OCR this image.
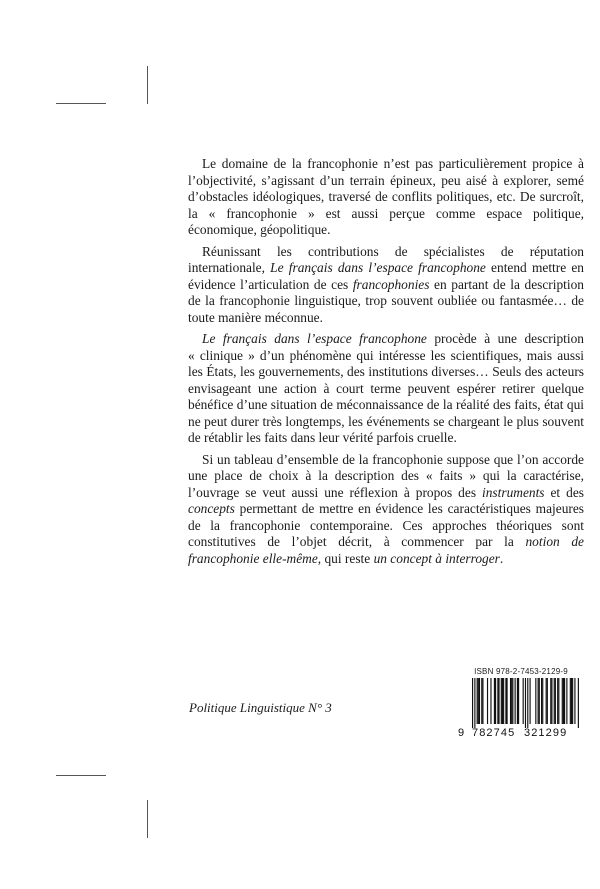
Le domaine de la francophonie n’est pas particulièrement propice à l’objectivité, s’agissant d’un terrain épineux, peu aisé à explorer, semé d’obstacles idéologiques, traversé de conflits politiques, etc. De surcroît, la « francophonie » est aussi perçue comme espace politique, économique, géopolitique.

Réunissant les contributions de spécialistes de réputation internationale, Le français dans l’espace francophone entend mettre en évidence l’articulation de ces francophonies en partant de la description de la francophonie linguistique, trop souvent oubliée ou fantasmée… de toute manière méconnue.

Le français dans l’espace francophone procède à une description « clinique » d’un phénomène qui intéresse les scientifiques, mais aussi les États, les gouvernements, des institutions diverses… Seuls des acteurs envisageant une action à court terme peuvent espérer retirer quelque bénéfice d’une situation de méconnaissance de la réalité des faits, état qui ne peut durer très longtemps, les événements se chargeant le plus souvent de rétablir les faits dans leur vérité parfois cruelle.

Si un tableau d’ensemble de la francophonie suppose que l’on accorde une place de choix à la description des « faits » qui la caractérise, l’ouvrage se veut aussi une réflexion à propos des instruments et des concepts permettant de mettre en évidence les caractéristiques majeures de la francophonie contemporaine. Ces approches théoriques sont constitutives de l’objet décrit, à commencer par la notion de francophonie elle-même, qui reste un concept à interroger.

Politique Linguistique N° 3
ISBN 978-2-7453-2129-9
9 782745 321299
